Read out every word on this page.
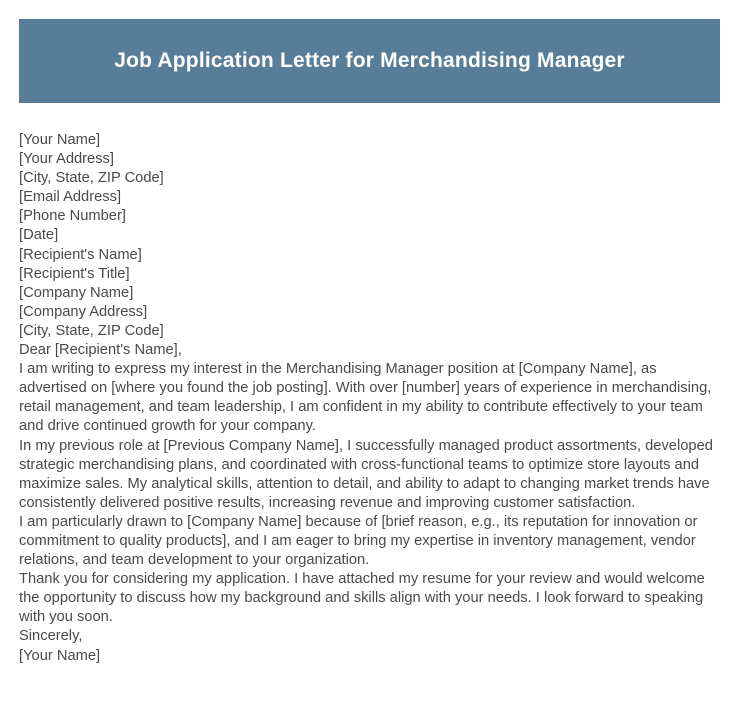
Job Application Letter for Merchandising Manager
[Your Name]
[Your Address]
[City, State, ZIP Code]
[Email Address]
[Phone Number]
[Date]
[Recipient's Name]
[Recipient's Title]
[Company Name]
[Company Address]
[City, State, ZIP Code]
Dear [Recipient's Name],
I am writing to express my interest in the Merchandising Manager position at [Company Name], as advertised on [where you found the job posting]. With over [number] years of experience in merchandising, retail management, and team leadership, I am confident in my ability to contribute effectively to your team and drive continued growth for your company.
In my previous role at [Previous Company Name], I successfully managed product assortments, developed strategic merchandising plans, and coordinated with cross-functional teams to optimize store layouts and maximize sales. My analytical skills, attention to detail, and ability to adapt to changing market trends have consistently delivered positive results, increasing revenue and improving customer satisfaction.
I am particularly drawn to [Company Name] because of [brief reason, e.g., its reputation for innovation or commitment to quality products], and I am eager to bring my expertise in inventory management, vendor relations, and team development to your organization.
Thank you for considering my application. I have attached my resume for your review and would welcome the opportunity to discuss how my background and skills align with your needs. I look forward to speaking with you soon.
Sincerely,
[Your Name]
